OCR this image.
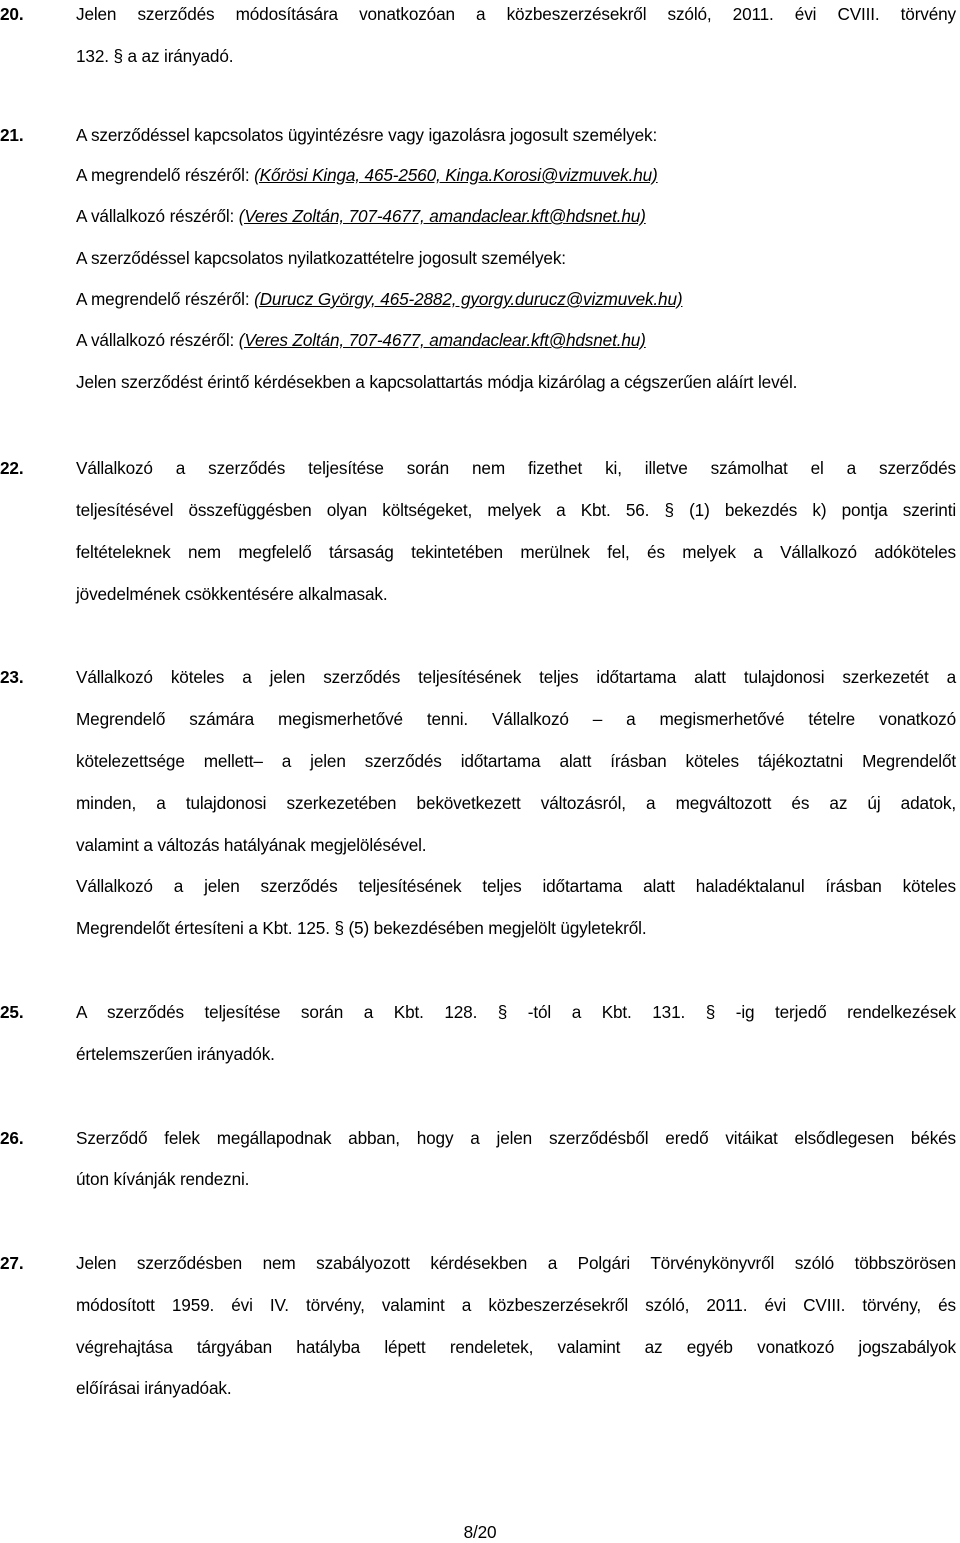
20.	Jelen szerződés módosítására vonatkozóan a közbeszerzésekről szóló, 2011. évi CVIII. törvény
132. § a az irányadó.
21.	A szerződéssel kapcsolatos ügyintézésre vagy igazolásra jogosult személyek:
A megrendelő részéről: (Kőrösi Kinga, 465-2560, Kinga.Korosi@vizmuvek.hu)
A vállalkozó részéről: (Veres Zoltán, 707-4677, amandaclear.kft@hdsnet.hu)
A szerződéssel kapcsolatos nyilatkozattételre jogosult személyek:
A megrendelő részéről: (Durucz György, 465-2882, gyorgy.durucz@vizmuvek.hu)
A vállalkozó részéről: (Veres Zoltán, 707-4677, amandaclear.kft@hdsnet.hu)
Jelen szerződést érintő kérdésekben a kapcsolattartás módja kizárólag a cégszerűen aláírt levél.
22.	Vállalkozó a szerződés teljesítése során nem fizethet ki, illetve számolhat el a szerződés
teljesítésével összefüggésben olyan költségeket, melyek a Kbt. 56. § (1) bekezdés k) pontja szerinti
feltételeknek nem megfelelő társaság tekintetében merülnek fel, és melyek a Vállalkozó adóköteles
jövedelmének csökkentésére alkalmasak.
23.	Vállalkozó köteles a jelen szerződés teljesítésének teljes időtartama alatt tulajdonosi szerkezetét a
Megrendelő számára megismerhetővé tenni. Vállalkozó – a megismerhetővé tételre vonatkozó
kötelezettsége mellett– a jelen szerződés időtartama alatt írásban köteles tájékoztatni Megrendelőt
minden, a tulajdonosi szerkezetében bekövetkezett változásról, a megváltozott és az új adatok,
valamint a változás hatályának megjelölésével.
Vállalkozó a jelen szerződés teljesítésének teljes időtartama alatt haladéktalanul írásban köteles
Megrendelőt értesíteni a Kbt. 125. § (5) bekezdésében megjelölt ügyletekről.
25.	A szerződés teljesítése során a Kbt. 128. § -tól a Kbt. 131. § -ig terjedő rendelkezések
értelemszerűen irányadók.
26.	Szerződő felek megállapodnak abban, hogy a jelen szerződésből eredő vitáikat elsődlegesen békés
úton kívánják rendezni.
27.	Jelen szerződésben nem szabályozott kérdésekben a Polgári Törvénykönyvről szóló többszörösen
módosított 1959. évi IV. törvény, valamint a közbeszerzésekről szóló, 2011. évi CVIII. törvény, és
végrehajtása tárgyában hatályba lépett rendeletek, valamint az egyéb vonatkozó jogszabályok
előírásai irányadóak.
8/20
